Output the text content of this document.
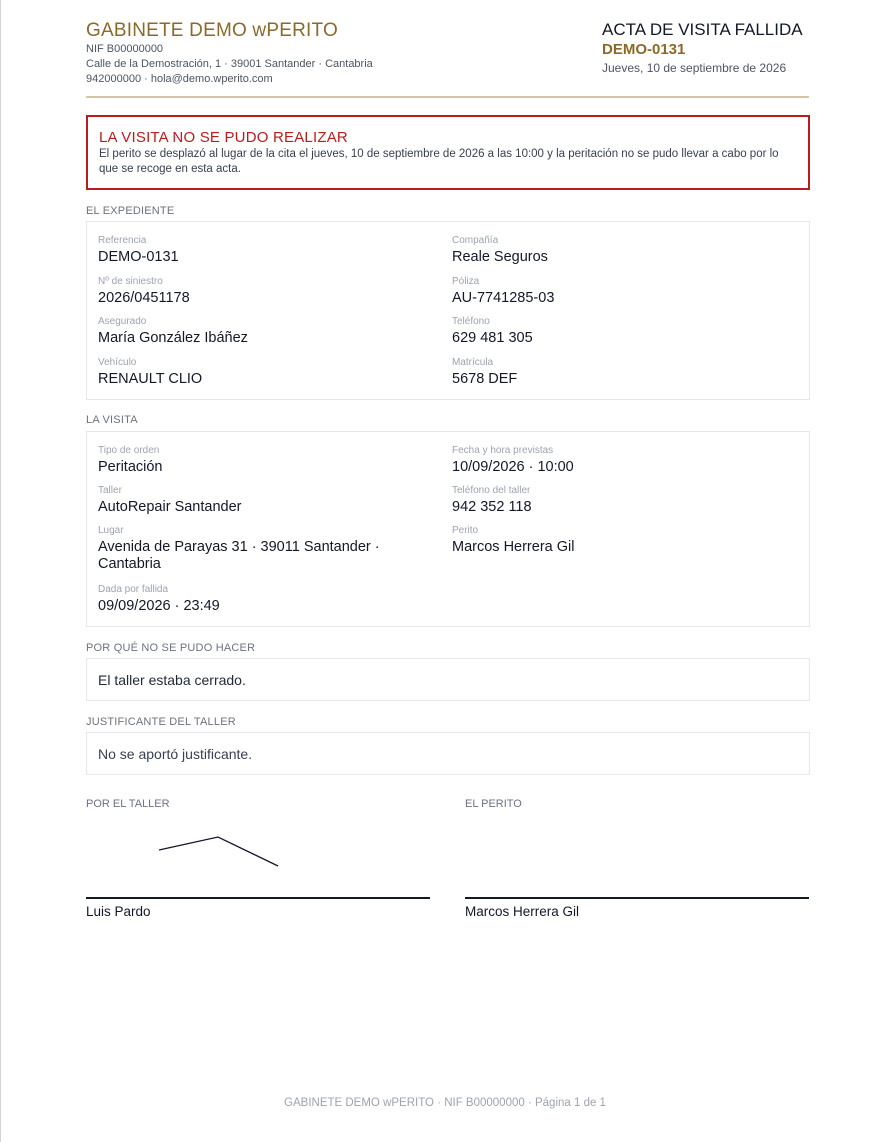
GABINETE DEMO wPERITO
NIF B00000000
Calle de la Demostración, 1 · 39001 Santander · Cantabria
942000000 · hola@demo.wperito.com
ACTA DE VISITA FALLIDA
DEMO-0131
Jueves, 10 de septiembre de 2026
LA VISITA NO SE PUDO REALIZAR
El perito se desplazó al lugar de la cita el jueves, 10 de septiembre de 2026 a las 10:00 y la peritación no se pudo llevar a cabo por lo que se recoge en esta acta.
EL EXPEDIENTE
Referencia
DEMO-0131
Compañía
Reale Seguros
Nº de siniestro
2026/0451178
Póliza
AU-7741285-03
Asegurado
María González Ibáñez
Teléfono
629 481 305
Vehículo
RENAULT CLIO
Matrícula
5678 DEF
LA VISITA
Tipo de orden
Peritación
Fecha y hora previstas
10/09/2026 · 10:00
Taller
AutoRepair Santander
Teléfono del taller
942 352 118
Lugar
Avenida de Parayas 31 · 39011 Santander · Cantabria
Perito
Marcos Herrera Gil
Dada por fallida
09/09/2026 · 23:49
POR QUÉ NO SE PUDO HACER
El taller estaba cerrado.
JUSTIFICANTE DEL TALLER
No se aportó justificante.
POR EL TALLER
Luis Pardo
EL PERITO
Marcos Herrera Gil
GABINETE DEMO wPERITO · NIF B00000000 · Página 1 de 1
